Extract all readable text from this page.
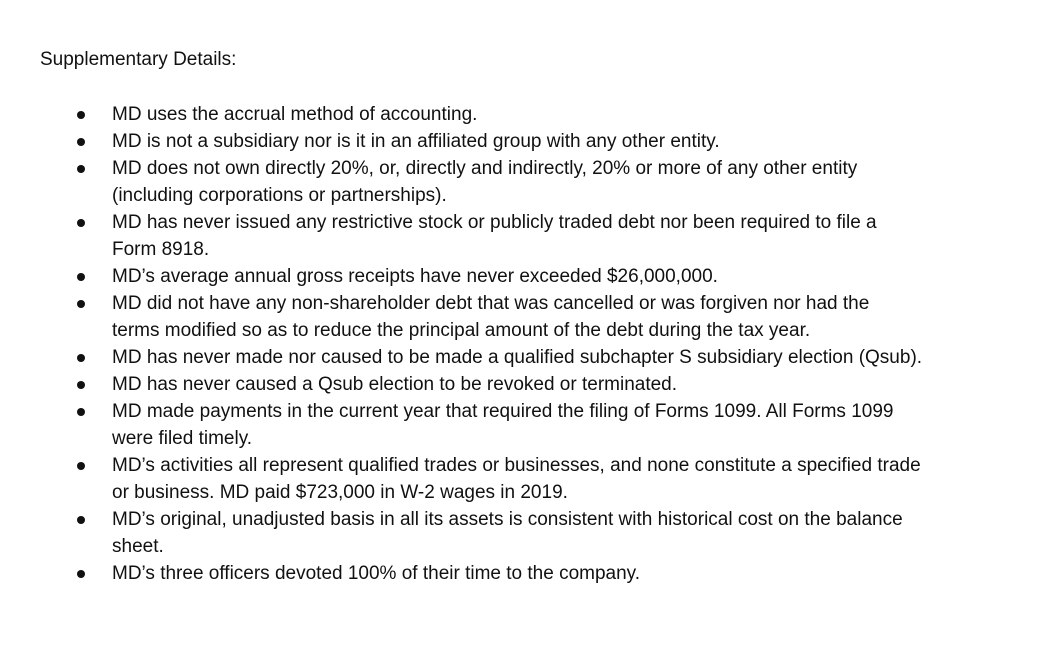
Supplementary Details:
MD uses the accrual method of accounting.
MD is not a subsidiary nor is it in an affiliated group with any other entity.
MD does not own directly 20%, or, directly and indirectly, 20% or more of any other entity
(including corporations or partnerships).
MD has never issued any restrictive stock or publicly traded debt nor been required to file a
Form 8918.
MD’s average annual gross receipts have never exceeded $26,000,000.
MD did not have any non-shareholder debt that was cancelled or was forgiven nor had the
terms modified so as to reduce the principal amount of the debt during the tax year.
MD has never made nor caused to be made a qualified subchapter S subsidiary election (Qsub).
MD has never caused a Qsub election to be revoked or terminated.
MD made payments in the current year that required the filing of Forms 1099. All Forms 1099
were filed timely.
MD’s activities all represent qualified trades or businesses, and none constitute a specified trade
or business. MD paid $723,000 in W-2 wages in 2019.
MD’s original, unadjusted basis in all its assets is consistent with historical cost on the balance
sheet.
MD’s three officers devoted 100% of their time to the company.
